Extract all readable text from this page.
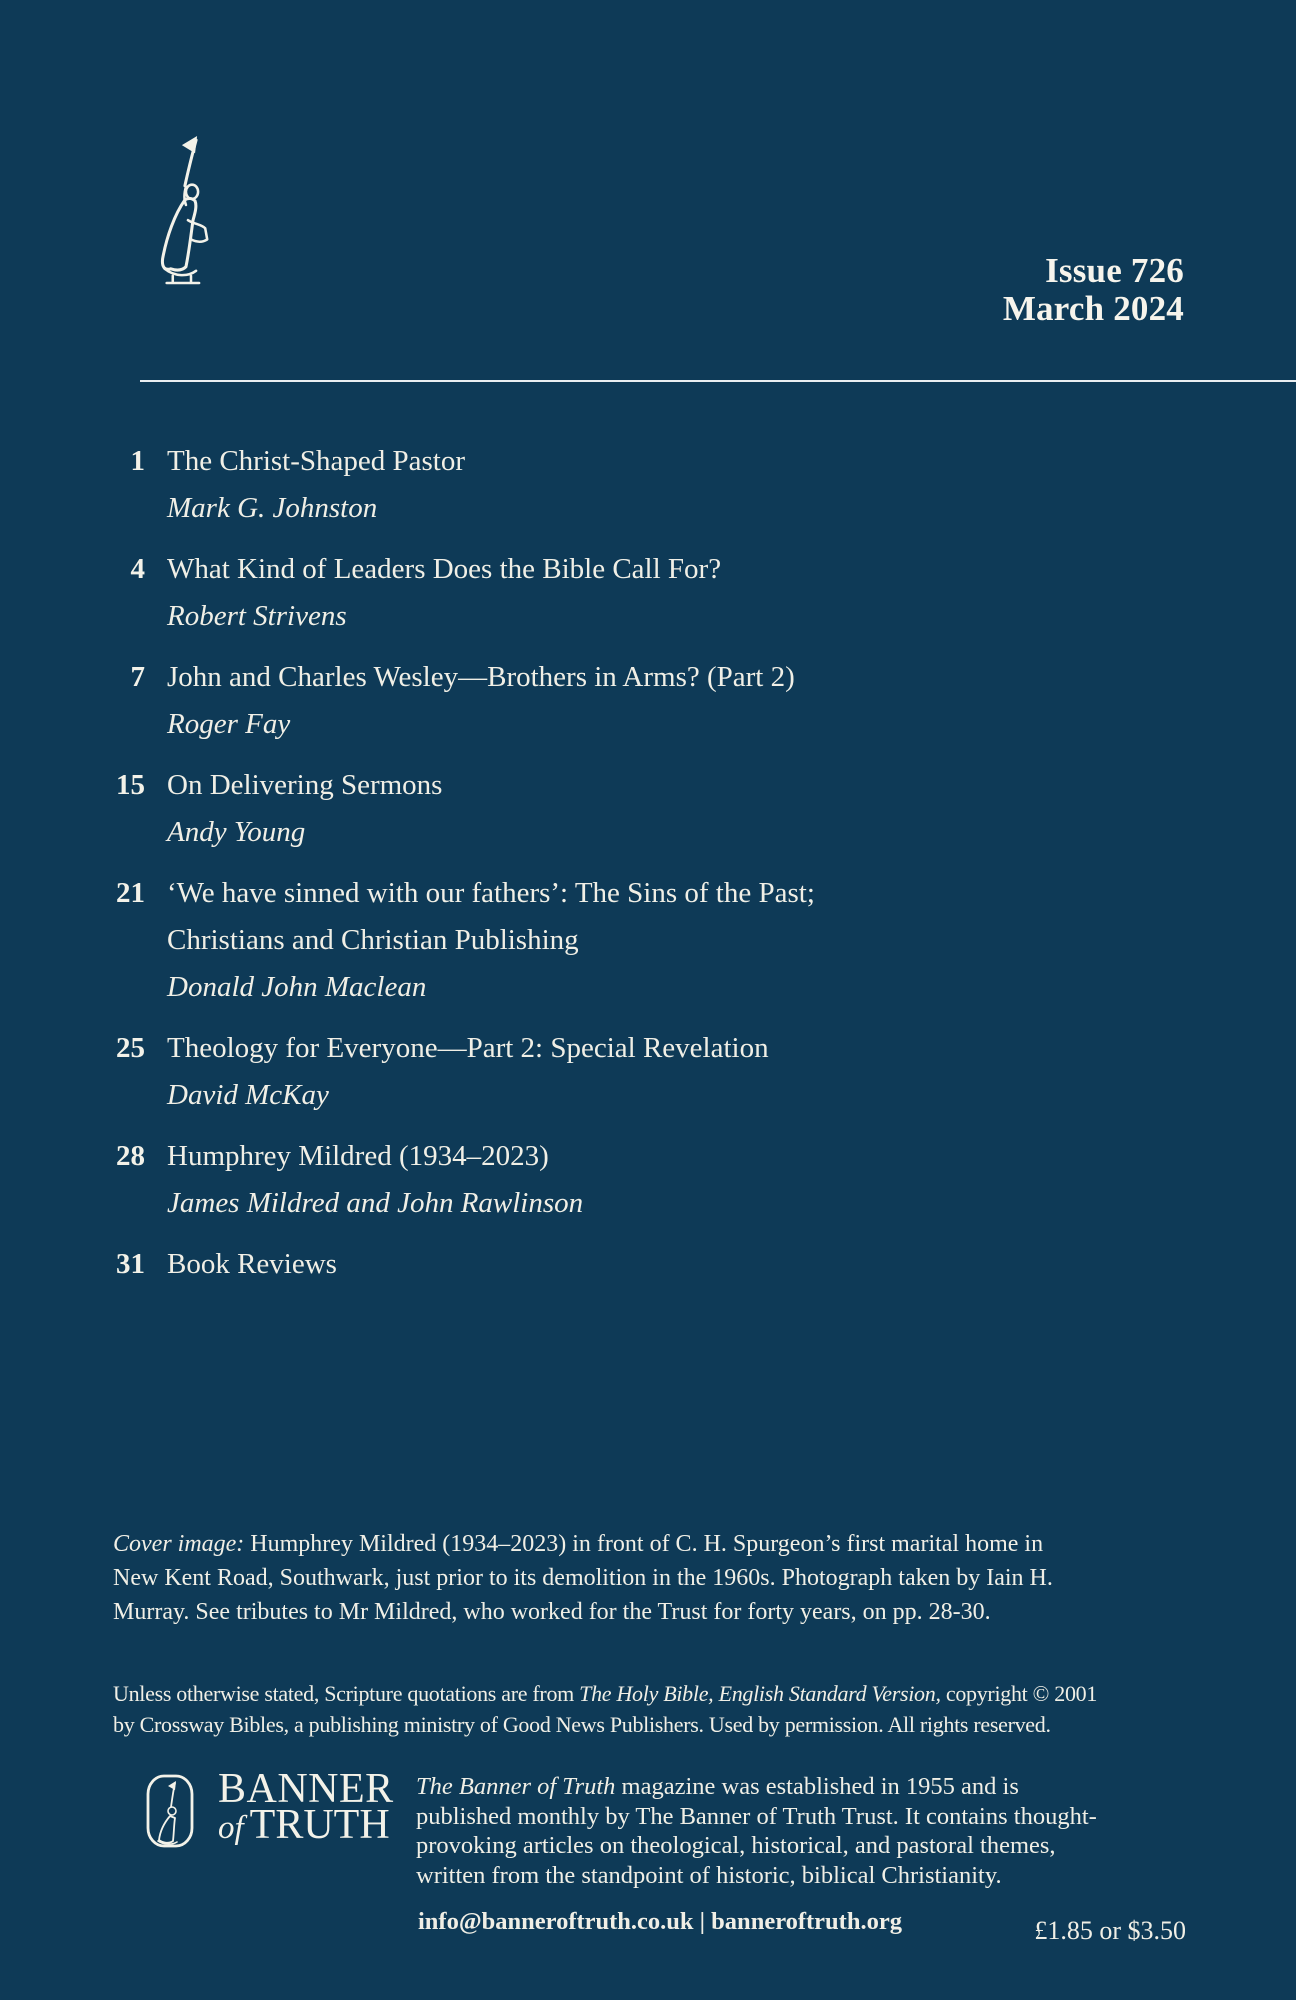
Issue 726
March 2024
1 The Christ-Shaped Pastor
Mark G. Johnston
4 What Kind of Leaders Does the Bible Call For?
Robert Strivens
7 John and Charles Wesley—Brothers in Arms? (Part 2)
Roger Fay
15 On Delivering Sermons
Andy Young
21 ‘We have sinned with our fathers’: The Sins of the Past;
Christians and Christian Publishing
Donald John Maclean
25 Theology for Everyone—Part 2: Special Revelation
David McKay
28 Humphrey Mildred (1934–2023)
James Mildred and John Rawlinson
31 Book Reviews
Cover image: Humphrey Mildred (1934–2023) in front of C. H. Spurgeon’s first marital home in
New Kent Road, Southwark, just prior to its demolition in the 1960s. Photograph taken by Iain H.
Murray. See tributes to Mr Mildred, who worked for the Trust for forty years, on pp. 28-30.
Unless otherwise stated, Scripture quotations are from The Holy Bible, English Standard Version, copyright © 2001
by Crossway Bibles, a publishing ministry of Good News Publishers. Used by permission. All rights reserved.
BANNER
of TRUTH
The Banner of Truth magazine was established in 1955 and is
published monthly by The Banner of Truth Trust. It contains thought-
provoking articles on theological, historical, and pastoral themes,
written from the standpoint of historic, biblical Christianity.
info@banneroftruth.co.uk | banneroftruth.org	£1.85 or $3.50
